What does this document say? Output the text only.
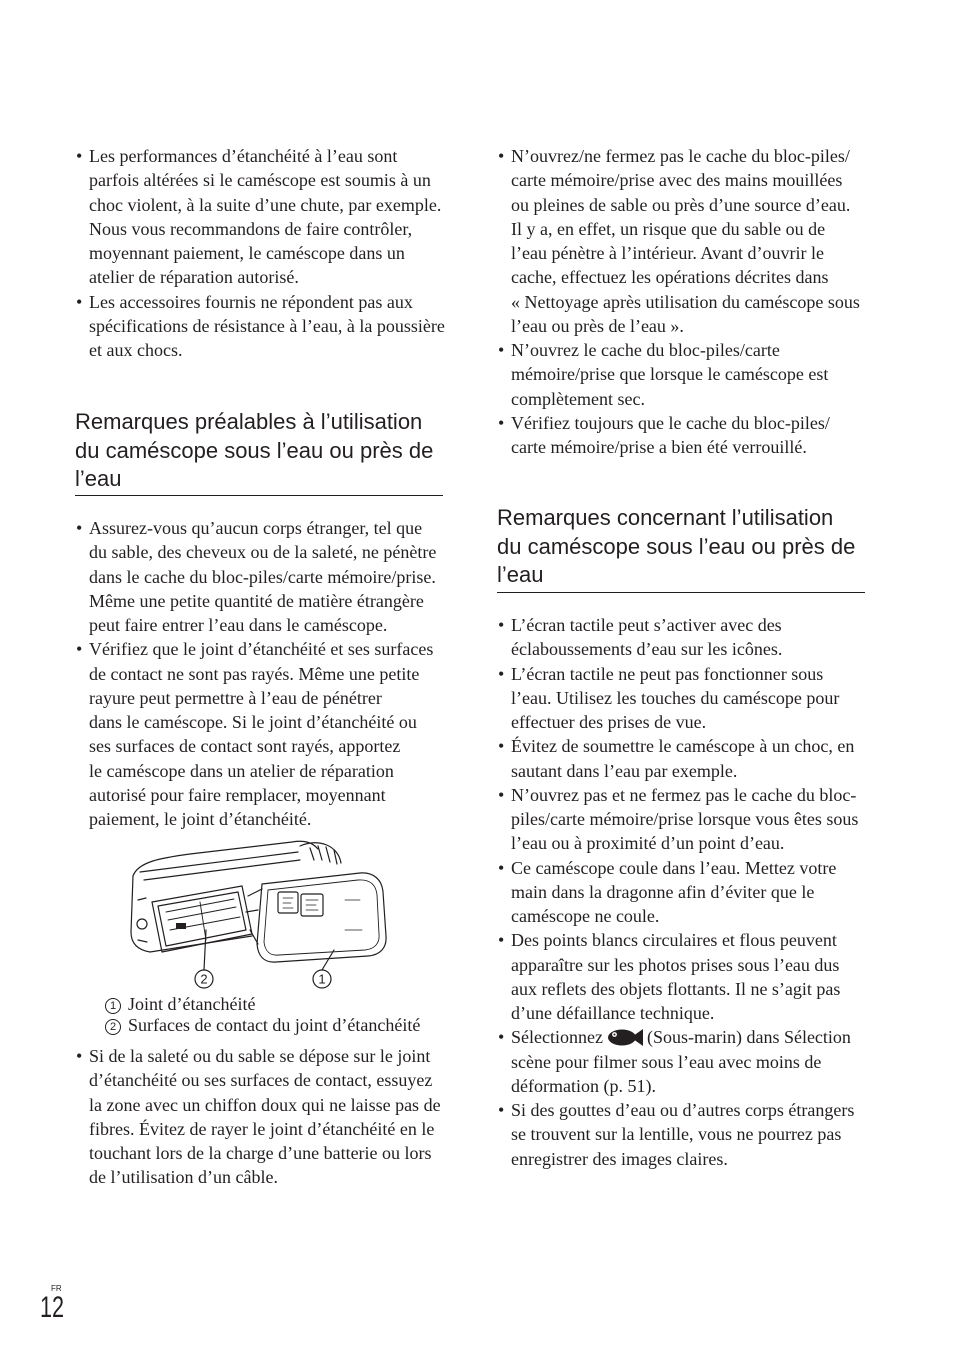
• Les performances d’étanchéité à l’eau sont
parfois altérées si le caméscope est soumis à un
choc violent, à la suite d’une chute, par exemple.
Nous vous recommandons de faire contrôler,
moyennant paiement, le caméscope dans un
atelier de réparation autorisé.
• Les accessoires fournis ne répondent pas aux
spécifications de résistance à l’eau, à la poussière
et aux chocs.
Remarques préalables à l’utilisation
du caméscope sous l’eau ou près de
l’eau
• Assurez-vous qu’aucun corps étranger, tel que
du sable, des cheveux ou de la saleté, ne pénètre
dans le cache du bloc-piles/carte mémoire/prise.
Même une petite quantité de matière étrangère
peut faire entrer l’eau dans le caméscope.
• Vérifiez que le joint d’étanchéité et ses surfaces
de contact ne sont pas rayés. Même une petite
rayure peut permettre à l’eau de pénétrer
dans le caméscope. Si le joint d’étanchéité ou
ses surfaces de contact sont rayés, apportez
le caméscope dans un atelier de réparation
autorisé pour faire remplacer, moyennant
paiement, le joint d’étanchéité.
2	1
1 Joint d’étanchéité
2 Surfaces de contact du joint d’étanchéité
• Si de la saleté ou du sable se dépose sur le joint
d’étanchéité ou ses surfaces de contact, essuyez
la zone avec un chiffon doux qui ne laisse pas de
fibres. Évitez de rayer le joint d’étanchéité en le
touchant lors de la charge d’une batterie ou lors
de l’utilisation d’un câble.
• N’ouvrez/ne fermez pas le cache du bloc-piles/
carte mémoire/prise avec des mains mouillées
ou pleines de sable ou près d’une source d’eau.
Il y a, en effet, un risque que du sable ou de
l’eau pénètre à l’intérieur. Avant d’ouvrir le
cache, effectuez les opérations décrites dans
« Nettoyage après utilisation du caméscope sous
l’eau ou près de l’eau ».
• N’ouvrez le cache du bloc-piles/carte
mémoire/prise que lorsque le caméscope est
complètement sec.
• Vérifiez toujours que le cache du bloc-piles/
carte mémoire/prise a bien été verrouillé.
Remarques concernant l’utilisation
du caméscope sous l’eau ou près de
l’eau
• L’écran tactile peut s’activer avec des
éclaboussements d’eau sur les icônes.
• L’écran tactile ne peut pas fonctionner sous
l’eau. Utilisez les touches du caméscope pour
effectuer des prises de vue.
• Évitez de soumettre le caméscope à un choc, en
sautant dans l’eau par exemple.
• N’ouvrez pas et ne fermez pas le cache du bloc-
piles/carte mémoire/prise lorsque vous êtes sous
l’eau ou à proximité d’un point d’eau.
• Ce caméscope coule dans l’eau. Mettez votre
main dans la dragonne afin d’éviter que le
caméscope ne coule.
• Des points blancs circulaires et flous peuvent
apparaître sur les photos prises sous l’eau dus
aux reflets des objets flottants. Il ne s’agit pas
d’une défaillance technique.
• Sélectionnez (Sous-marin) dans Sélection
scène pour filmer sous l’eau avec moins de
déformation (p. 51).
• Si des gouttes d’eau ou d’autres corps étrangers
se trouvent sur la lentille, vous ne pourrez pas
enregistrer des images claires.
FR
12
